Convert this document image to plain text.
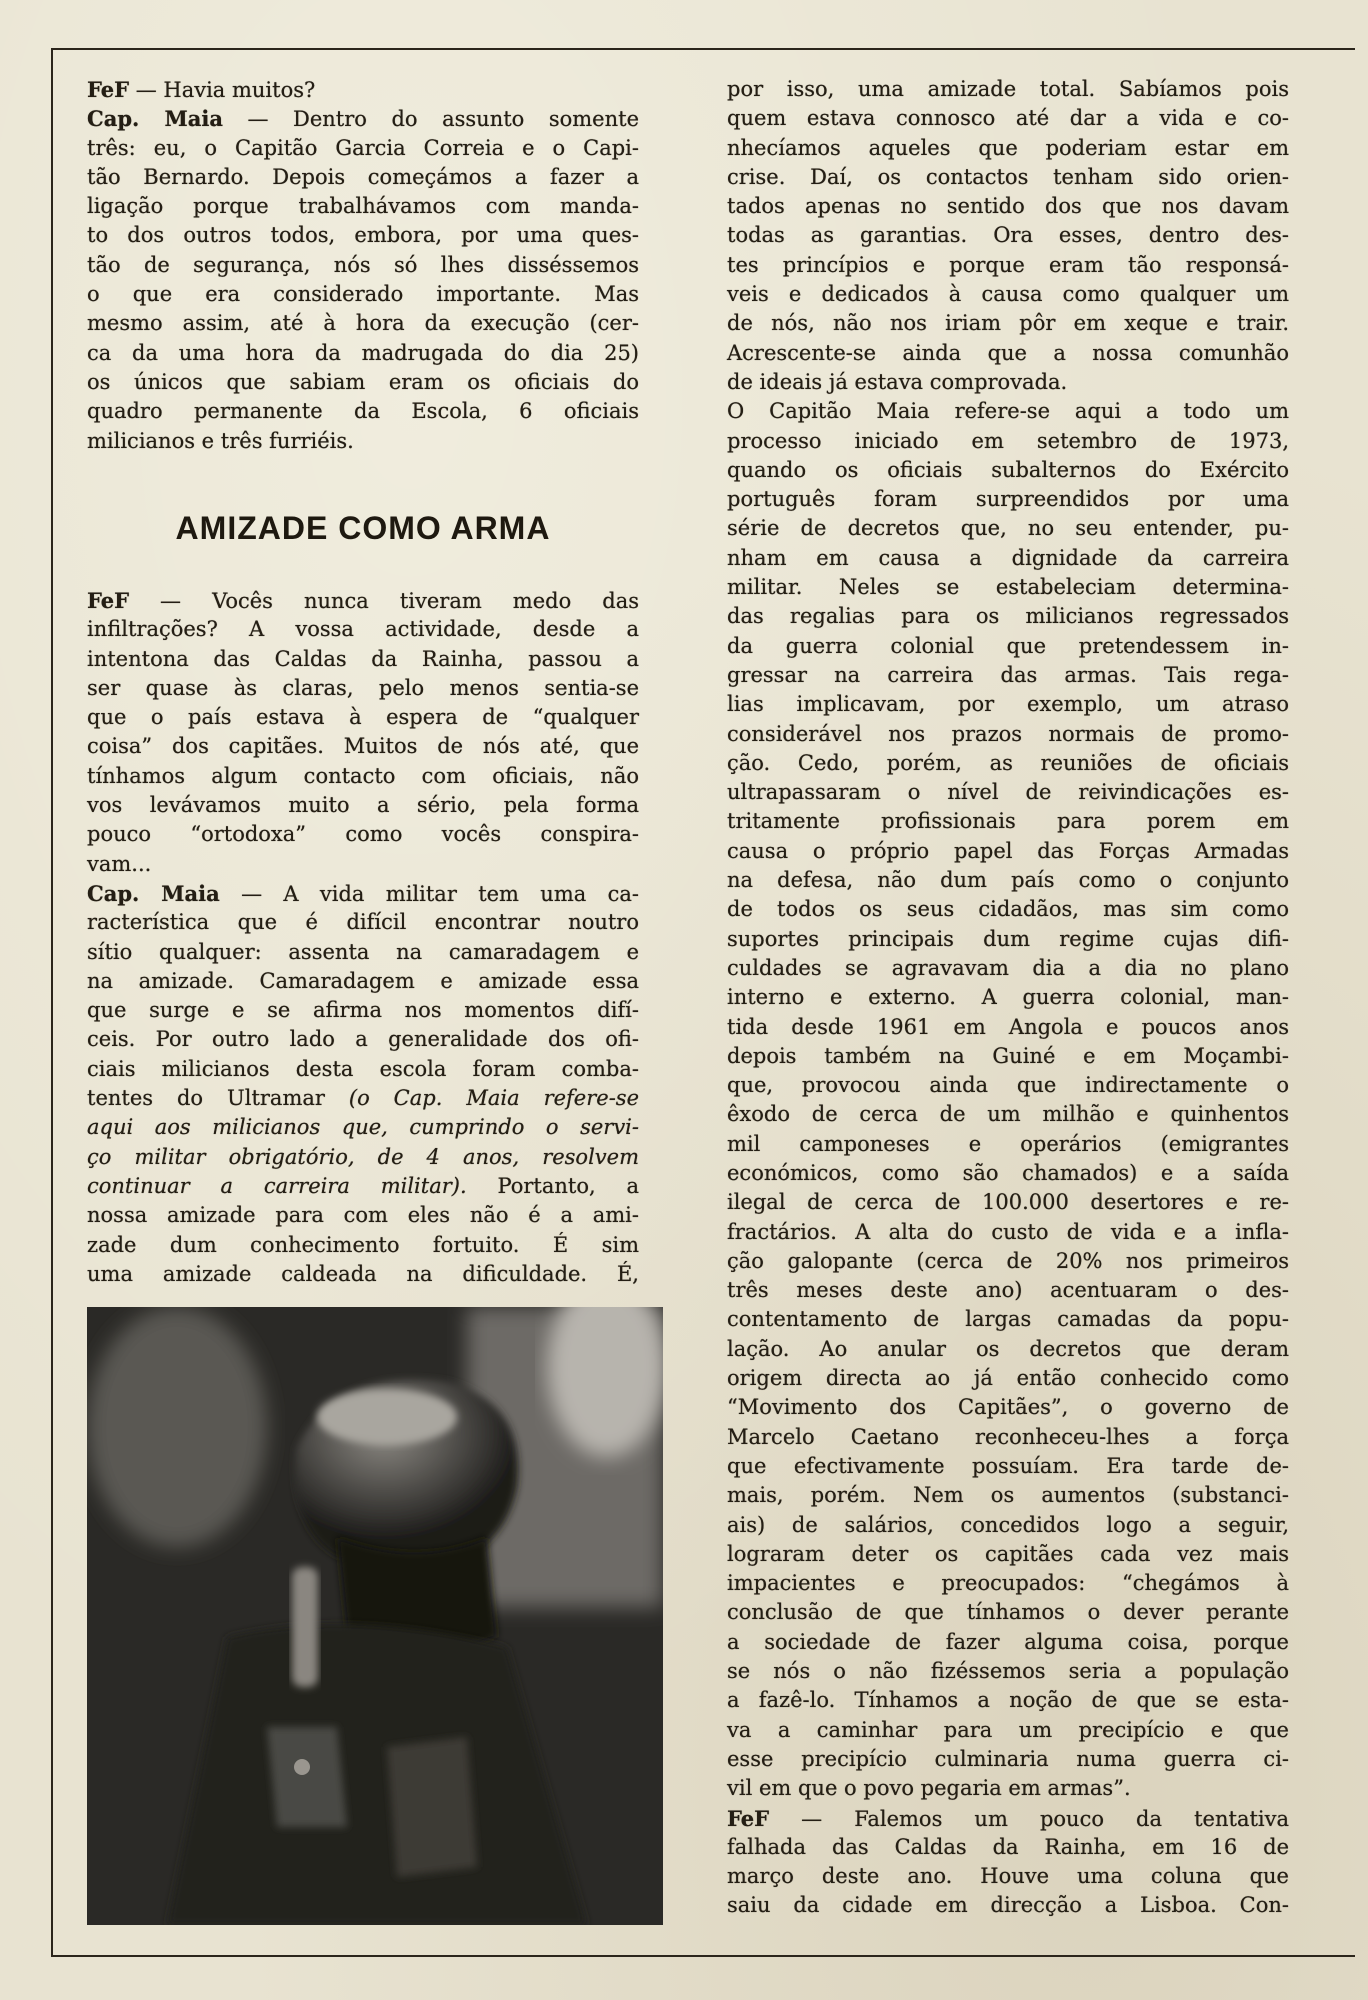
FeF — Havia muitos?
Cap. Maia — Dentro do assunto somente
três: eu, o Capitão Garcia Correia e o Capi-
tão Bernardo. Depois começámos a fazer a
ligação porque trabalhávamos com manda-
to dos outros todos, embora, por uma ques-
tão de segurança, nós só lhes disséssemos
o que era considerado importante. Mas
mesmo assim, até à hora da execução (cer-
ca da uma hora da madrugada do dia 25)
os únicos que sabiam eram os oficiais do
quadro permanente da Escola, 6 oficiais
milicianos e três furriéis.
AMIZADE COMO ARMA
FeF — Vocês nunca tiveram medo das
infiltrações? A vossa actividade, desde a
intentona das Caldas da Rainha, passou a
ser quase às claras, pelo menos sentia-se
que o país estava à espera de “qualquer
coisa” dos capitães. Muitos de nós até, que
tínhamos algum contacto com oficiais, não
vos levávamos muito a sério, pela forma
pouco “ortodoxa” como vocês conspira-
vam...
Cap. Maia — A vida militar tem uma ca-
racterística que é difícil encontrar noutro
sítio qualquer: assenta na camaradagem e
na amizade. Camaradagem e amizade essa
que surge e se afirma nos momentos difí-
ceis. Por outro lado a generalidade dos ofi-
ciais milicianos desta escola foram comba-
tentes do Ultramar (o Cap. Maia refere-se
aqui aos milicianos que, cumprindo o servi-
ço militar obrigatório, de 4 anos, resolvem
continuar a carreira militar). Portanto, a
nossa amizade para com eles não é a ami-
zade dum conhecimento fortuito. É sim
uma amizade caldeada na dificuldade. É,
por isso, uma amizade total. Sabíamos pois
quem estava connosco até dar a vida e co-
nhecíamos aqueles que poderiam estar em
crise. Daí, os contactos tenham sido orien-
tados apenas no sentido dos que nos davam
todas as garantias. Ora esses, dentro des-
tes princípios e porque eram tão responsá-
veis e dedicados à causa como qualquer um
de nós, não nos iriam pôr em xeque e trair.
Acrescente-se ainda que a nossa comunhão
de ideais já estava comprovada.
O Capitão Maia refere-se aqui a todo um
processo iniciado em setembro de 1973,
quando os oficiais subalternos do Exército
português foram surpreendidos por uma
série de decretos que, no seu entender, pu-
nham em causa a dignidade da carreira
militar. Neles se estabeleciam determina-
das regalias para os milicianos regressados
da guerra colonial que pretendessem in-
gressar na carreira das armas. Tais rega-
lias implicavam, por exemplo, um atraso
considerável nos prazos normais de promo-
ção. Cedo, porém, as reuniões de oficiais
ultrapassaram o nível de reivindicações es-
tritamente profissionais para porem em
causa o próprio papel das Forças Armadas
na defesa, não dum país como o conjunto
de todos os seus cidadãos, mas sim como
suportes principais dum regime cujas difi-
culdades se agravavam dia a dia no plano
interno e externo. A guerra colonial, man-
tida desde 1961 em Angola e poucos anos
depois também na Guiné e em Moçambi-
que, provocou ainda que indirectamente o
êxodo de cerca de um milhão e quinhentos
mil camponeses e operários (emigrantes
económicos, como são chamados) e a saída
ilegal de cerca de 100.000 desertores e re-
fractários. A alta do custo de vida e a infla-
ção galopante (cerca de 20% nos primeiros
três meses deste ano) acentuaram o des-
contentamento de largas camadas da popu-
lação. Ao anular os decretos que deram
origem directa ao já então conhecido como
“Movimento dos Capitães”, o governo de
Marcelo Caetano reconheceu-lhes a força
que efectivamente possuíam. Era tarde de-
mais, porém. Nem os aumentos (substanci-
ais) de salários, concedidos logo a seguir,
lograram deter os capitães cada vez mais
impacientes e preocupados: “chegámos à
conclusão de que tínhamos o dever perante
a sociedade de fazer alguma coisa, porque
se nós o não fizéssemos seria a população
a fazê-lo. Tínhamos a noção de que se esta-
va a caminhar para um precipício e que
esse precipício culminaria numa guerra ci-
vil em que o povo pegaria em armas”.
FeF — Falemos um pouco da tentativa
falhada das Caldas da Rainha, em 16 de
março deste ano. Houve uma coluna que
saiu da cidade em direcção a Lisboa. Con-
